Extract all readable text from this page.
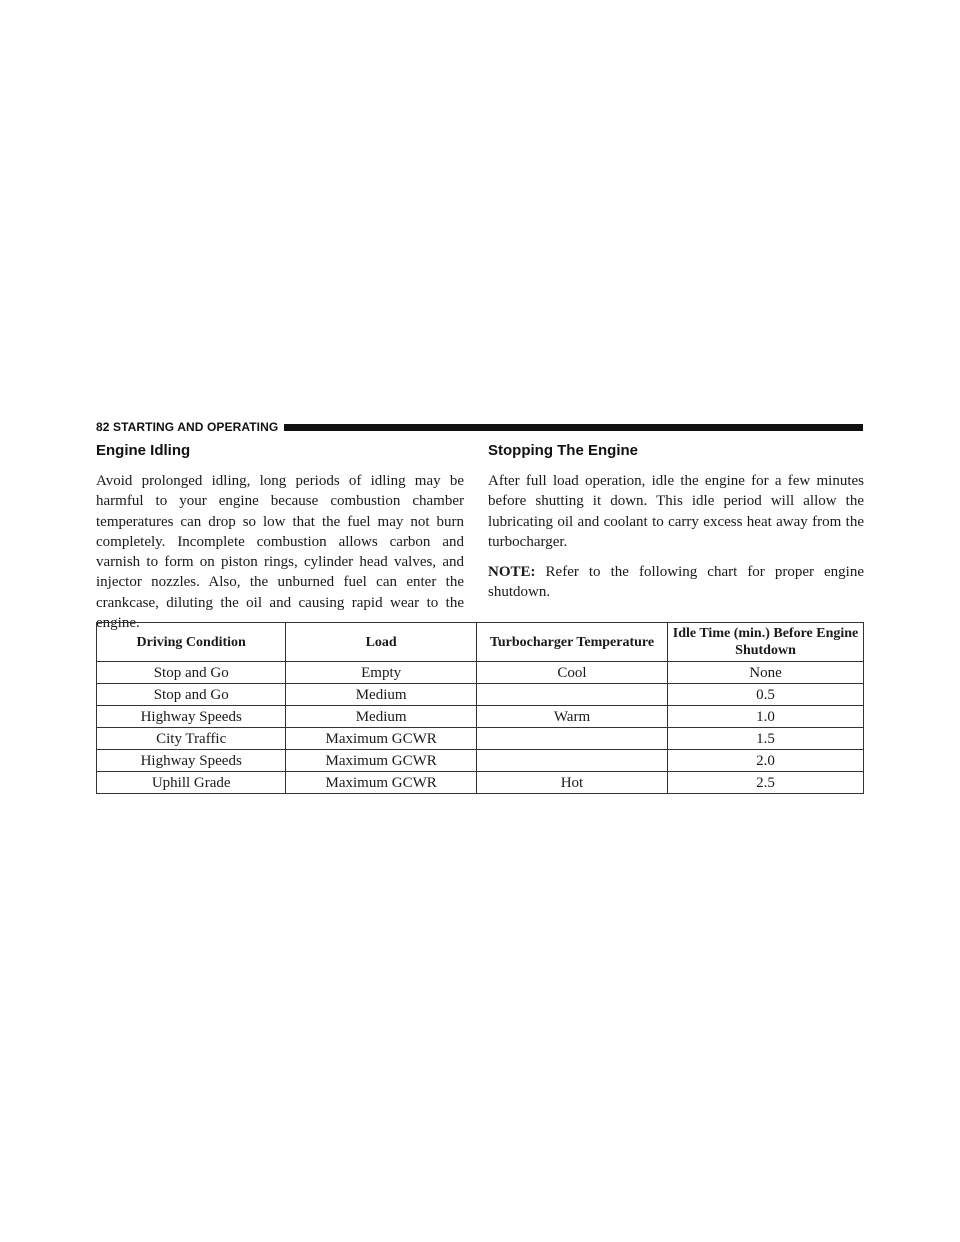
82 STARTING AND OPERATING
Engine Idling

Avoid prolonged idling, long periods of idling may be harmful to your engine because combustion chamber temperatures can drop so low that the fuel may not burn completely. Incomplete combustion allows carbon and varnish to form on piston rings, cylinder head valves, and injector nozzles. Also, the unburned fuel can enter the crankcase, diluting the oil and causing rapid wear to the engine.

Stopping The Engine

After full load operation, idle the engine for a few minutes before shutting it down. This idle period will allow the lubricating oil and coolant to carry excess heat away from the turbocharger.

NOTE: Refer to the following chart for proper engine shutdown.

Driving Condition	Load	Turbocharger Temperature	Idle Time (min.) Before Engine Shutdown
Stop and Go	Empty	Cool	None
Stop and Go	Medium		0.5
Highway Speeds	Medium	Warm	1.0
City Traffic	Maximum GCWR		1.5
Highway Speeds	Maximum GCWR		2.0
Uphill Grade	Maximum GCWR	Hot	2.5
